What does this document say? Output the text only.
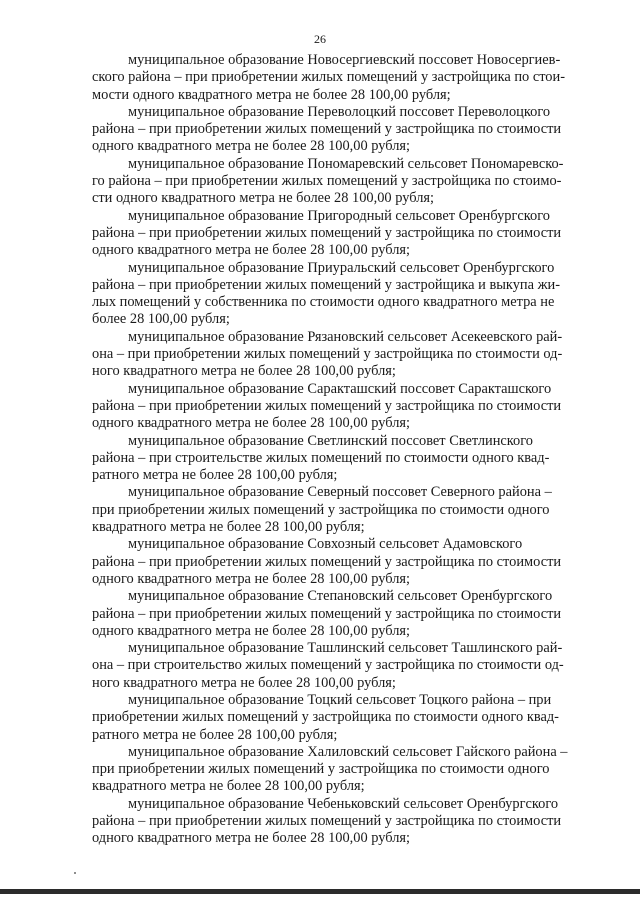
26

муниципальное образование Новосергиевский поссовет Новосергиев-
ского района – при приобретении жилых помещений у застройщика по стои-
мости одного квадратного метра не более 28 100,00 рубля;

муниципальное образование Переволоцкий поссовет Переволоцкого
района – при приобретении жилых помещений у застройщика по стоимости
одного квадратного метра не более 28 100,00 рубля;

муниципальное образование Пономаревский сельсовет Пономаревско-
го района – при приобретении жилых помещений у застройщика по стоимо-
сти одного квадратного метра не более 28 100,00 рубля;

муниципальное образование Пригородный сельсовет Оренбургского
района – при приобретении жилых помещений у застройщика по стоимости
одного квадратного метра не более 28 100,00 рубля;

муниципальное образование Приуральский сельсовет Оренбургского
района – при приобретении жилых помещений у застройщика и выкупа жи-
лых помещений у собственника по стоимости одного квадратного метра не
более 28 100,00 рубля;

муниципальное образование Рязановский сельсовет Асекеевского рай-
она – при приобретении жилых помещений у застройщика по стоимости од-
ного квадратного метра не более 28 100,00 рубля;

муниципальное образование Саракташский поссовет Саракташского
района – при приобретении жилых помещений у застройщика по стоимости
одного квадратного метра не более 28 100,00 рубля;

муниципальное образование Светлинский поссовет Светлинского
района – при строительстве жилых помещений по стоимости одного квад-
ратного метра не более 28 100,00 рубля;

муниципальное образование Северный поссовет Северного района –
при приобретении жилых помещений у застройщика по стоимости одного
квадратного метра не более 28 100,00 рубля;

муниципальное образование Совхозный сельсовет Адамовского
района – при приобретении жилых помещений у застройщика по стоимости
одного квадратного метра не более 28 100,00 рубля;

муниципальное образование Степановский сельсовет Оренбургского
района – при приобретении жилых помещений у застройщика по стоимости
одного квадратного метра не более 28 100,00 рубля;

муниципальное образование Ташлинский сельсовет Ташлинского рай-
она – при строительство жилых помещений у застройщика по стоимости од-
ного квадратного метра не более 28 100,00 рубля;

муниципальное образование Тоцкий сельсовет Тоцкого района – при
приобретении жилых помещений у застройщика по стоимости одного квад-
ратного метра не более 28 100,00 рубля;

муниципальное образование Халиловский сельсовет Гайского района –
при приобретении жилых помещений у застройщика по стоимости одного
квадратного метра не более 28 100,00 рубля;

муниципальное образование Чебеньковский сельсовет Оренбургского
района – при приобретении жилых помещений у застройщика по стоимости
одного квадратного метра не более 28 100,00 рубля;
